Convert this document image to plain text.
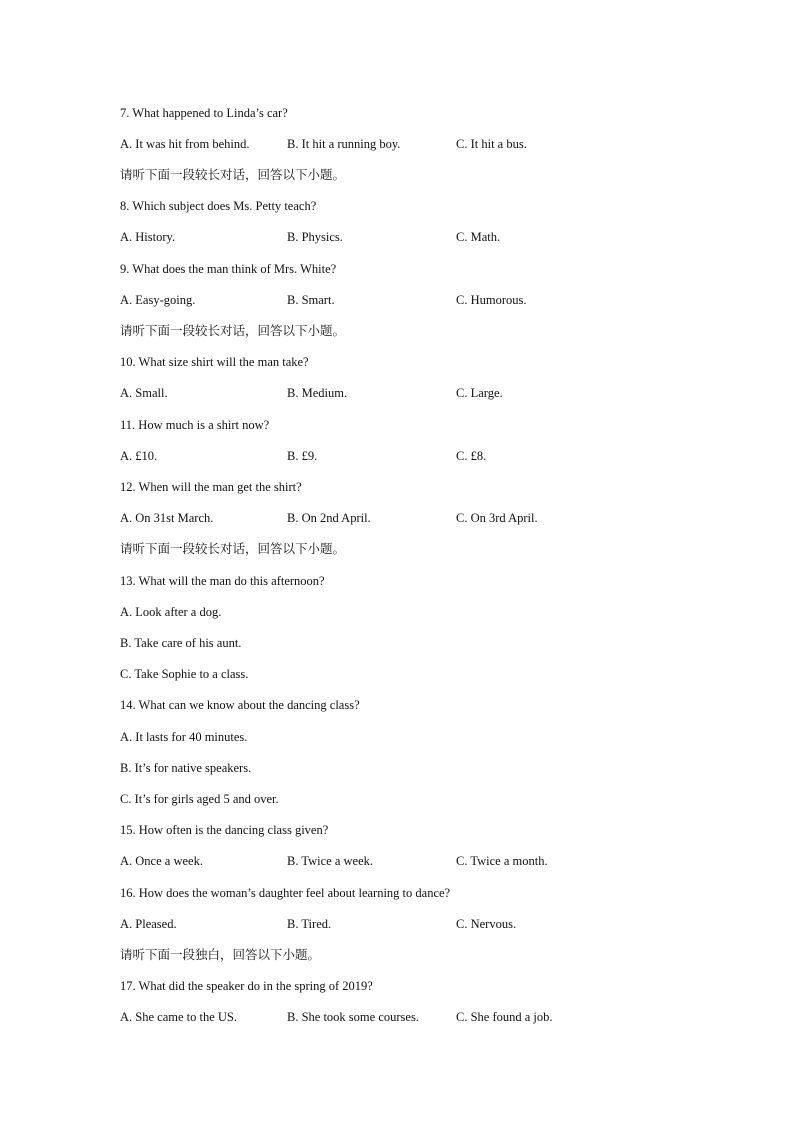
7. What happened to Linda’s car?
A. It was hit from behind.	B. It hit a running boy.	C. It hit a bus.
请听下面一段较长对话，回答以下小题。
8. Which subject does Ms. Petty teach?
A. History.	B. Physics.	C. Math.
9. What does the man think of Mrs. White?
A. Easy-going.	B. Smart.	C. Humorous.
请听下面一段较长对话，回答以下小题。
10. What size shirt will the man take?
A. Small.	B. Medium.	C. Large.
11. How much is a shirt now?
A. £10.	B. £9.	C. £8.
12. When will the man get the shirt?
A. On 31st March.	B. On 2nd April.	C. On 3rd April.
请听下面一段较长对话，回答以下小题。
13. What will the man do this afternoon?
A. Look after a dog.
B. Take care of his aunt.
C. Take Sophie to a class.
14. What can we know about the dancing class?
A. It lasts for 40 minutes.
B. It’s for native speakers.
C. It’s for girls aged 5 and over.
15. How often is the dancing class given?
A. Once a week.	B. Twice a week.	C. Twice a month.
16. How does the woman’s daughter feel about learning to dance?
A. Pleased.	B. Tired.	C. Nervous.
请听下面一段独白，回答以下小题。
17. What did the speaker do in the spring of 2019?
A. She came to the US.	B. She took some courses.	C. She found a job.
